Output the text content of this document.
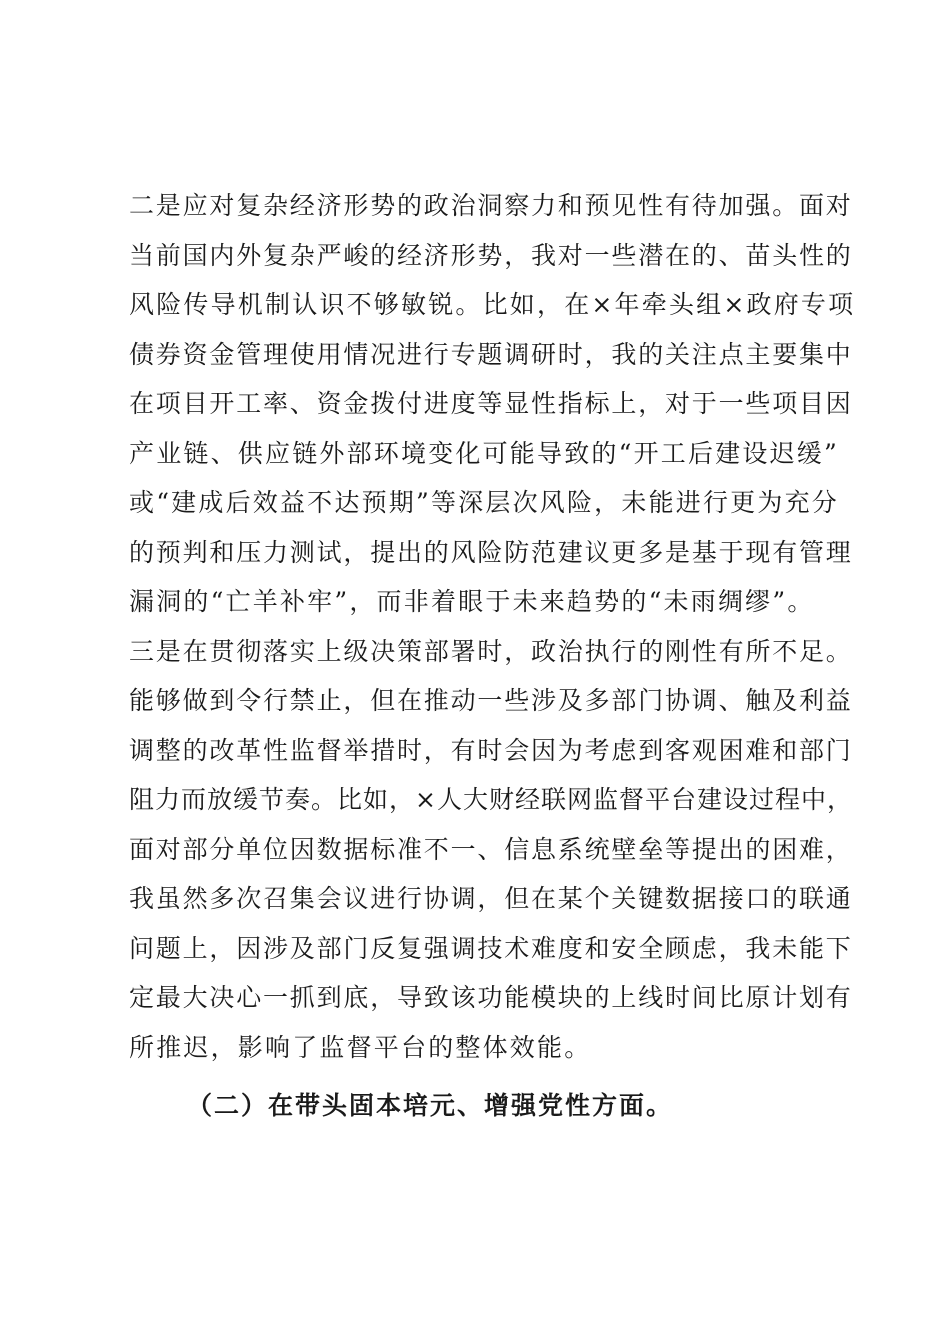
二是应对复杂经济形势的政治洞察力和预见性有待加强。面对
当前国内外复杂严峻的经济形势，我对一些潜在的、苗头性的
风险传导机制认识不够敏锐。比如，在×年牵头组×政府专项
债券资金管理使用情况进行专题调研时，我的关注点主要集中
在项目开工率、资金拨付进度等显性指标上，对于一些项目因
产业链、供应链外部环境变化可能导致的“开工后建设迟缓”
或“建成后效益不达预期”等深层次风险，未能进行更为充分
的预判和压力测试，提出的风险防范建议更多是基于现有管理
漏洞的“亡羊补牢”，而非着眼于未来趋势的“未雨绸缪”。
三是在贯彻落实上级决策部署时，政治执行的刚性有所不足。
能够做到令行禁止，但在推动一些涉及多部门协调、触及利益
调整的改革性监督举措时，有时会因为考虑到客观困难和部门
阻力而放缓节奏。比如，×人大财经联网监督平台建设过程中，
面对部分单位因数据标准不一、信息系统壁垒等提出的困难，
我虽然多次召集会议进行协调，但在某个关键数据接口的联通
问题上，因涉及部门反复强调技术难度和安全顾虑，我未能下
定最大决心一抓到底，导致该功能模块的上线时间比原计划有
所推迟，影响了监督平台的整体效能。
（二）在带头固本培元、增强党性方面。
